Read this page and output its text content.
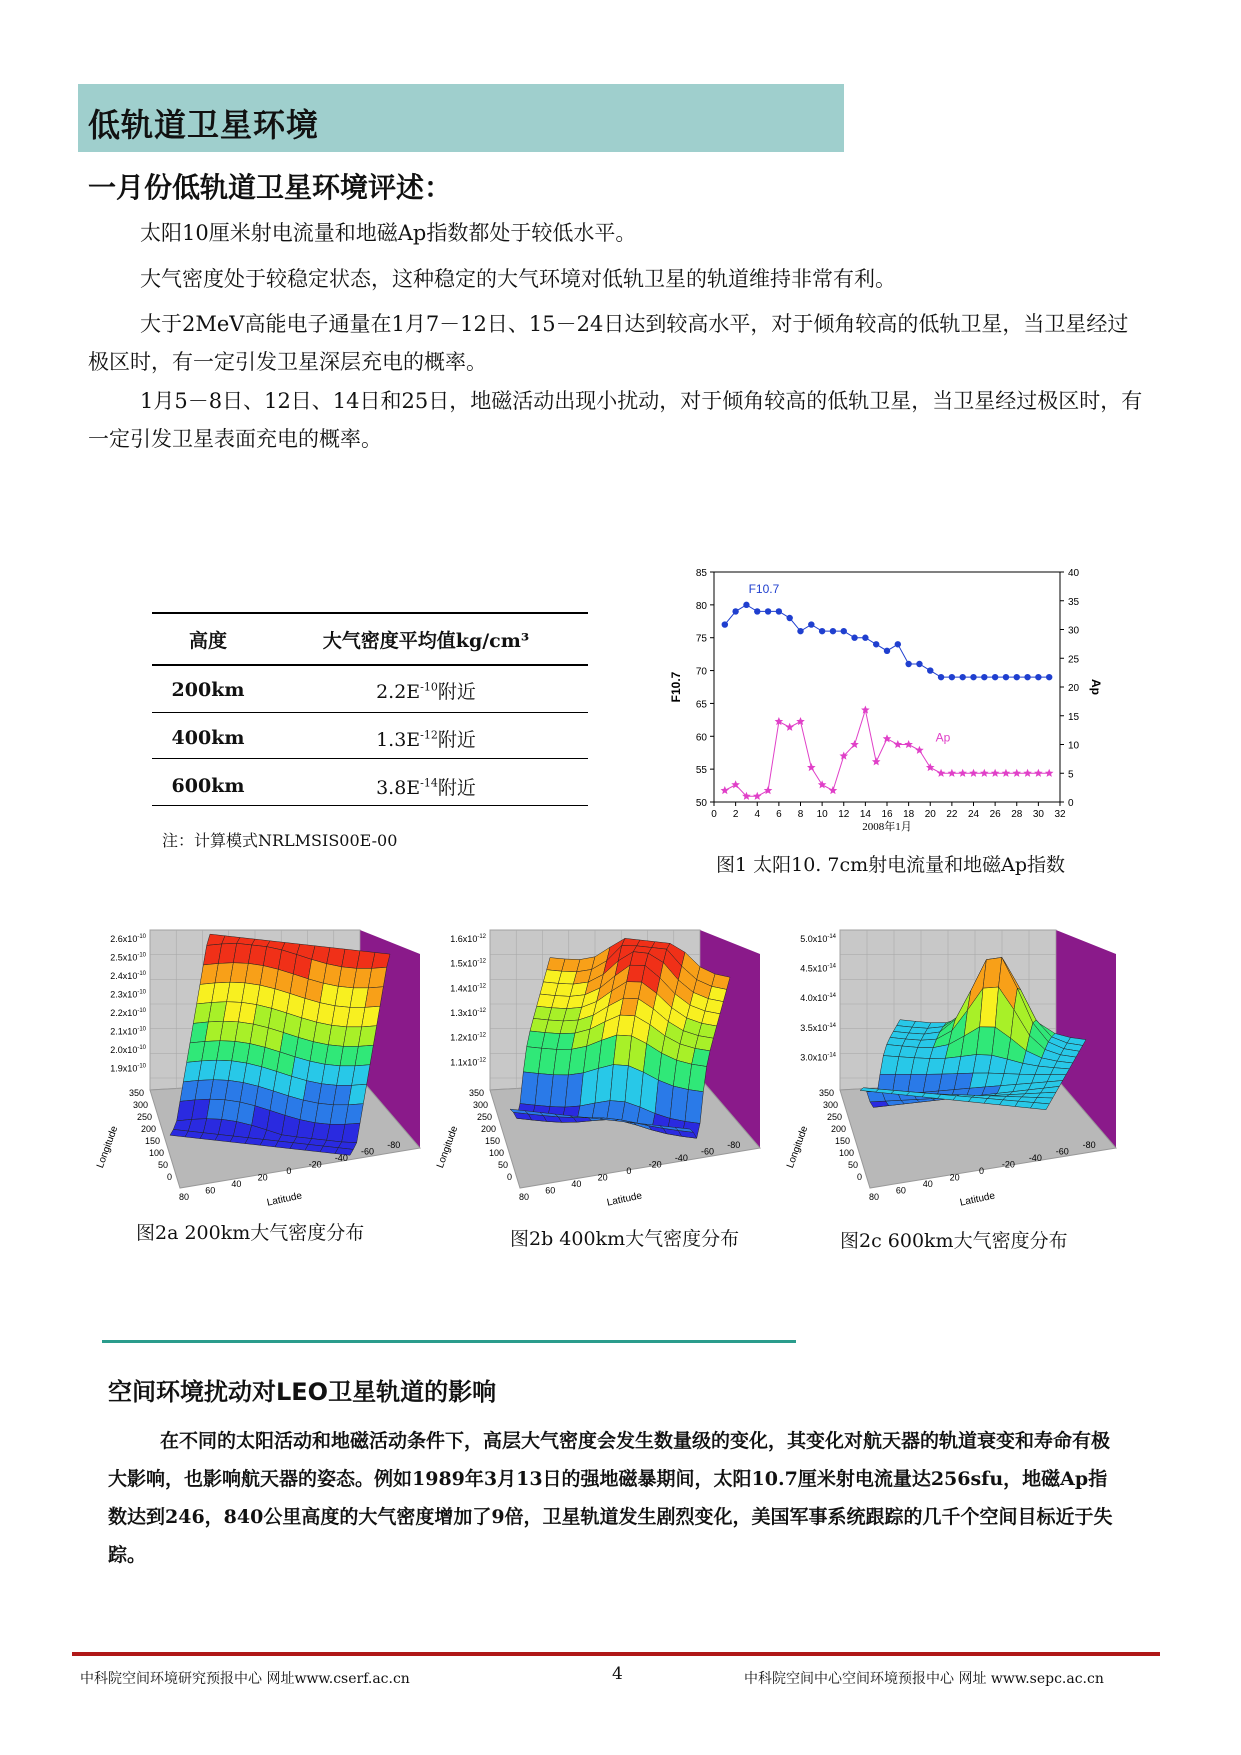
低轨道卫星环境
一月份低轨道卫星环境评述：

太阳10厘米射电流量和地磁Ap指数都处于较低水平。

大气密度处于较稳定状态，这种稳定的大气环境对低轨卫星的轨道维持非常有利。

大于2MeV高能电子通量在1月7－12日、15－24日达到较高水平，对于倾角较高的低轨卫星，当卫星经过极区时，有一定引发卫星深层充电的概率。

1月5－8日、12日、14日和25日，地磁活动出现小扰动，对于倾角较高的低轨卫星，当卫星经过极区时，有一定引发卫星表面充电的概率。

高度	大气密度平均值kg/cm³
200km	$2.2E^{-10}$附近
400km	$1.3E^{-12}$附近
600km	$3.8E^{-14}$附近
注：计算模式NRLMSIS00E-00
0 2 4 6 8 10 12 14 16 18 20 22 24 26 28 30 32
50
55
60
65
70
75
80
85
0
5
10
15
20
25
30
35
40
2008年1月
F10.7	Ap
F10.7
Ap
图1 太阳10. 7cm射电流量和地磁Ap指数
$2.6x10^{-10}$
$2.5x10^{-10}$
$2.4x10^{-10}$
$2.3x10^{-10}$
$2.2x10^{-10}$
$2.1x10^{-10}$
$2.0x10^{-10}$
$1.9x10^{-10}$
350
300
250
200
150
100
50
0
Longitude
80
60
40
20
0
-20
-40
-60
-80
Latitude
$1.6x10^{-12}$
$1.5x10^{-12}$
$1.4x10^{-12}$
$1.3x10^{-12}$
$1.2x10^{-12}$
$1.1x10^{-12}$
350
300
250
200
150
100
50
0
Longitude
80
60
40
20
0
-20
-40
-60
-80
Latitude
$5.0x10^{-14}$
$4.5x10^{-14}$
$4.0x10^{-14}$
$3.5x10^{-14}$
$3.0x10^{-14}$
350
300
250
200
150
100
50
0
Longitude
80
60
40
20
0
-20
-40
-60
-80
Latitude
图2a 200km大气密度分布	图2b 400km大气密度分布	图2c 600km大气密度分布
空间环境扰动对LEO卫星轨道的影响

在不同的太阳活动和地磁活动条件下，高层大气密度会发生数量级的变化，其变化对航天器的轨道衰变和寿命有极大影响，也影响航天器的姿态。例如1989年3月13日的强地磁暴期间，太阳10.7厘米射电流量达256sfu，地磁Ap指数达到246，840公里高度的大气密度增加了9倍，卫星轨道发生剧烈变化，美国军事系统跟踪的几千个空间目标近于失踪。

中科院空间环境研究预报中心 网址www.cserf.ac.cn	4	中科院空间中心空间环境预报中心 网址 www.sepc.ac.cn
